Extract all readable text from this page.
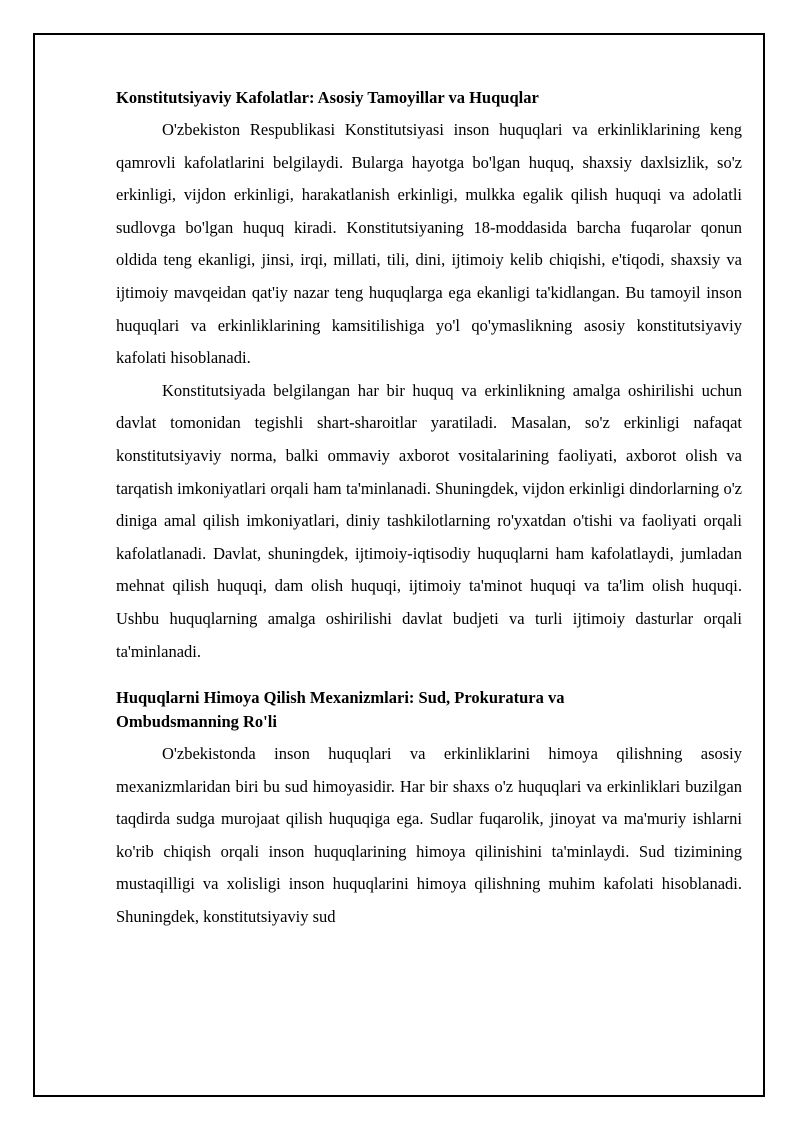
Konstitutsiyaviy Kafolatlar: Asosiy Tamoyillar va Huquqlar

O'zbekiston Respublikasi Konstitutsiyasi inson huquqlari va erkinliklarining keng qamrovli kafolatlarini belgilaydi. Bularga hayotga bo'lgan huquq, shaxsiy daxlsizlik, so'z erkinligi, vijdon erkinligi, harakatlanish erkinligi, mulkka egalik qilish huquqi va adolatli sudlovga bo'lgan huquq kiradi. Konstitutsiyaning 18-moddasida barcha fuqarolar qonun oldida teng ekanligi, jinsi, irqi, millati, tili, dini, ijtimoiy kelib chiqishi, e'tiqodi, shaxsiy va ijtimoiy mavqeidan qat'iy nazar teng huquqlarga ega ekanligi ta'kidlangan. Bu tamoyil inson huquqlari va erkinliklarining kamsitilishiga yo'l qo'ymaslikning asosiy konstitutsiyaviy kafolati hisoblanadi.

Konstitutsiyada belgilangan har bir huquq va erkinlikning amalga oshirilishi uchun davlat tomonidan tegishli shart-sharoitlar yaratiladi. Masalan, so'z erkinligi nafaqat konstitutsiyaviy norma, balki ommaviy axborot vositalarining faoliyati, axborot olish va tarqatish imkoniyatlari orqali ham ta'minlanadi. Shuningdek, vijdon erkinligi dindorlarning o'z diniga amal qilish imkoniyatlari, diniy tashkilotlarning ro'yxatdan o'tishi va faoliyati orqali kafolatlanadi. Davlat, shuningdek, ijtimoiy-iqtisodiy huquqlarni ham kafolatlaydi, jumladan mehnat qilish huquqi, dam olish huquqi, ijtimoiy ta'minot huquqi va ta'lim olish huquqi. Ushbu huquqlarning amalga oshirilishi davlat budjeti va turli ijtimoiy dasturlar orqali ta'minlanadi.

Huquqlarni Himoya Qilish Mexanizmlari: Sud, Prokuratura va
Ombudsmanning Ro'li

O'zbekistonda inson huquqlari va erkinliklarini himoya qilishning asosiy mexanizmlaridan biri bu sud himoyasidir. Har bir shaxs o'z huquqlari va erkinliklari buzilgan taqdirda sudga murojaat qilish huquqiga ega. Sudlar fuqarolik, jinoyat va ma'muriy ishlarni ko'rib chiqish orqali inson huquqlarining himoya qilinishini ta'minlaydi. Sud tizimining mustaqilligi va xolisligi inson huquqlarini himoya qilishning muhim kafolati hisoblanadi. Shuningdek, konstitutsiyaviy sud
